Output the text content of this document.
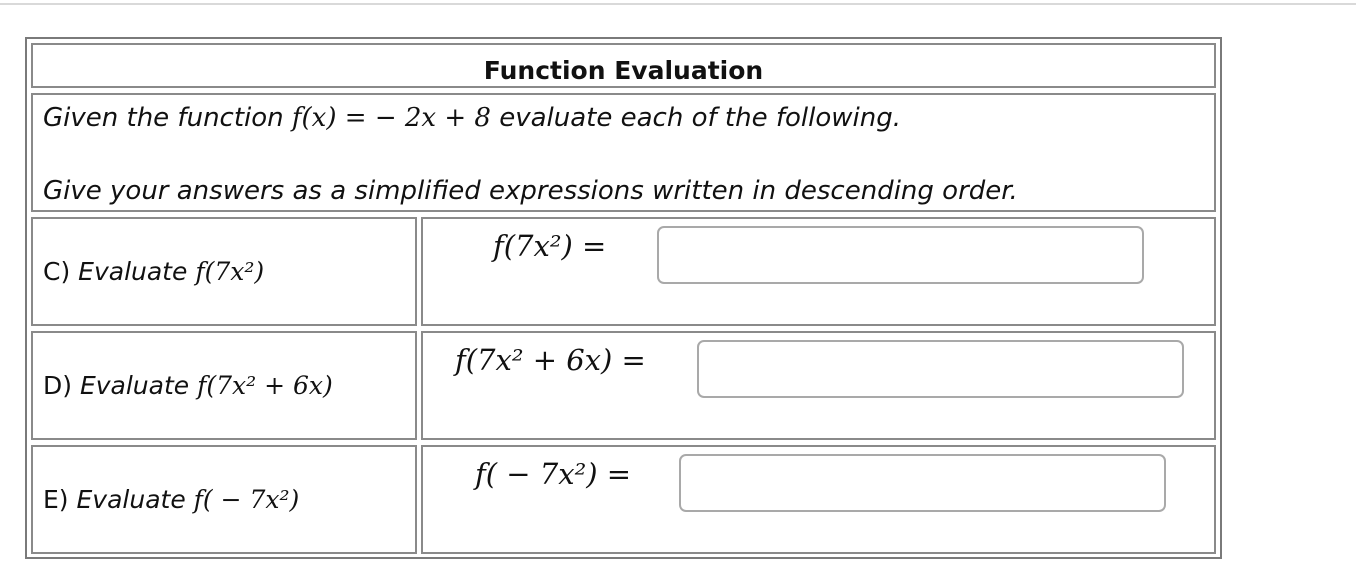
Function Evaluation
Given the function f(x) = − 2x + 8 evaluate each of the following.
Give your answers as a simplified expressions written in descending order.
C) Evaluate f(7x²)
f(7x²) =
D) Evaluate f(7x² + 6x)
f(7x² + 6x) =
E) Evaluate f( − 7x²)
f( − 7x²) =
